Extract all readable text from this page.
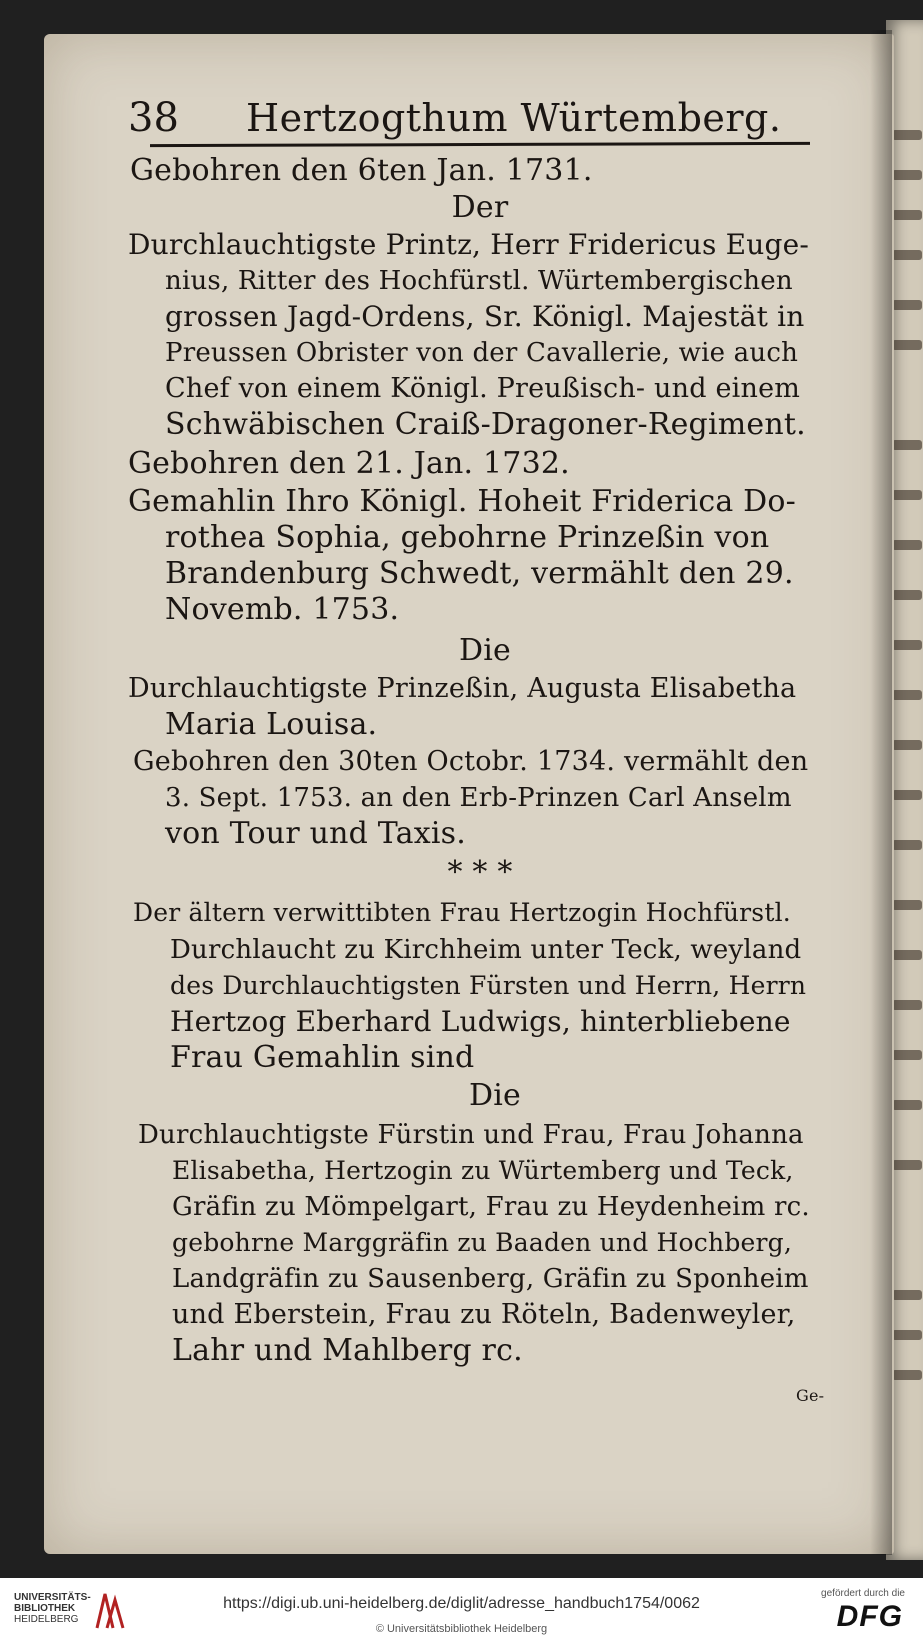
38 Hertzogthum Würtemberg.
Gebohren den 6ten Jan. 1731.
Der
Durchlauchtigste Printz, Herr Fridericus Euge-
nius, Ritter des Hochfürstl. Würtembergischen
grossen Jagd-Ordens, Sr. Königl. Majestät in
Preussen Obrister von der Cavallerie, wie auch
Chef von einem Königl. Preußisch- und einem
Schwäbischen Craiß-Dragoner-Regiment.
Gebohren den 21. Jan. 1732.
Gemahlin Ihro Königl. Hoheit Friderica Do-
rothea Sophia, gebohrne Prinzeßin von
Brandenburg Schwedt, vermählt den 29.
Novemb. 1753.
Die
Durchlauchtigste Prinzeßin, Augusta Elisabetha
Maria Louisa.
Gebohren den 30ten Octobr. 1734. vermählt den
3. Sept. 1753. an den Erb-Prinzen Carl Anselm
von Tour und Taxis.
* * *
Der ältern verwittibten Frau Hertzogin Hochfürstl.
Durchlaucht zu Kirchheim unter Teck, weyland
des Durchlauchtigsten Fürsten und Herrn, Herrn
Hertzog Eberhard Ludwigs, hinterbliebene
Frau Gemahlin sind
Die
Durchlauchtigste Fürstin und Frau, Frau Johanna
Elisabetha, Hertzogin zu Würtemberg und Teck,
Gräfin zu Mömpelgart, Frau zu Heydenheim rc.
gebohrne Marggräfin zu Baaden und Hochberg,
Landgräfin zu Sausenberg, Gräfin zu Sponheim
und Eberstein, Frau zu Röteln, Badenweyler,
Lahr und Mahlberg rc.
Ge-
UNIVERSITÄTS-
BIBLIOTHEK
HEIDELBERG
https://digi.ub.uni-heidelberg.de/diglit/adresse_handbuch1754/0062
© Universitätsbibliothek Heidelberg
gefördert durch die
DFG
